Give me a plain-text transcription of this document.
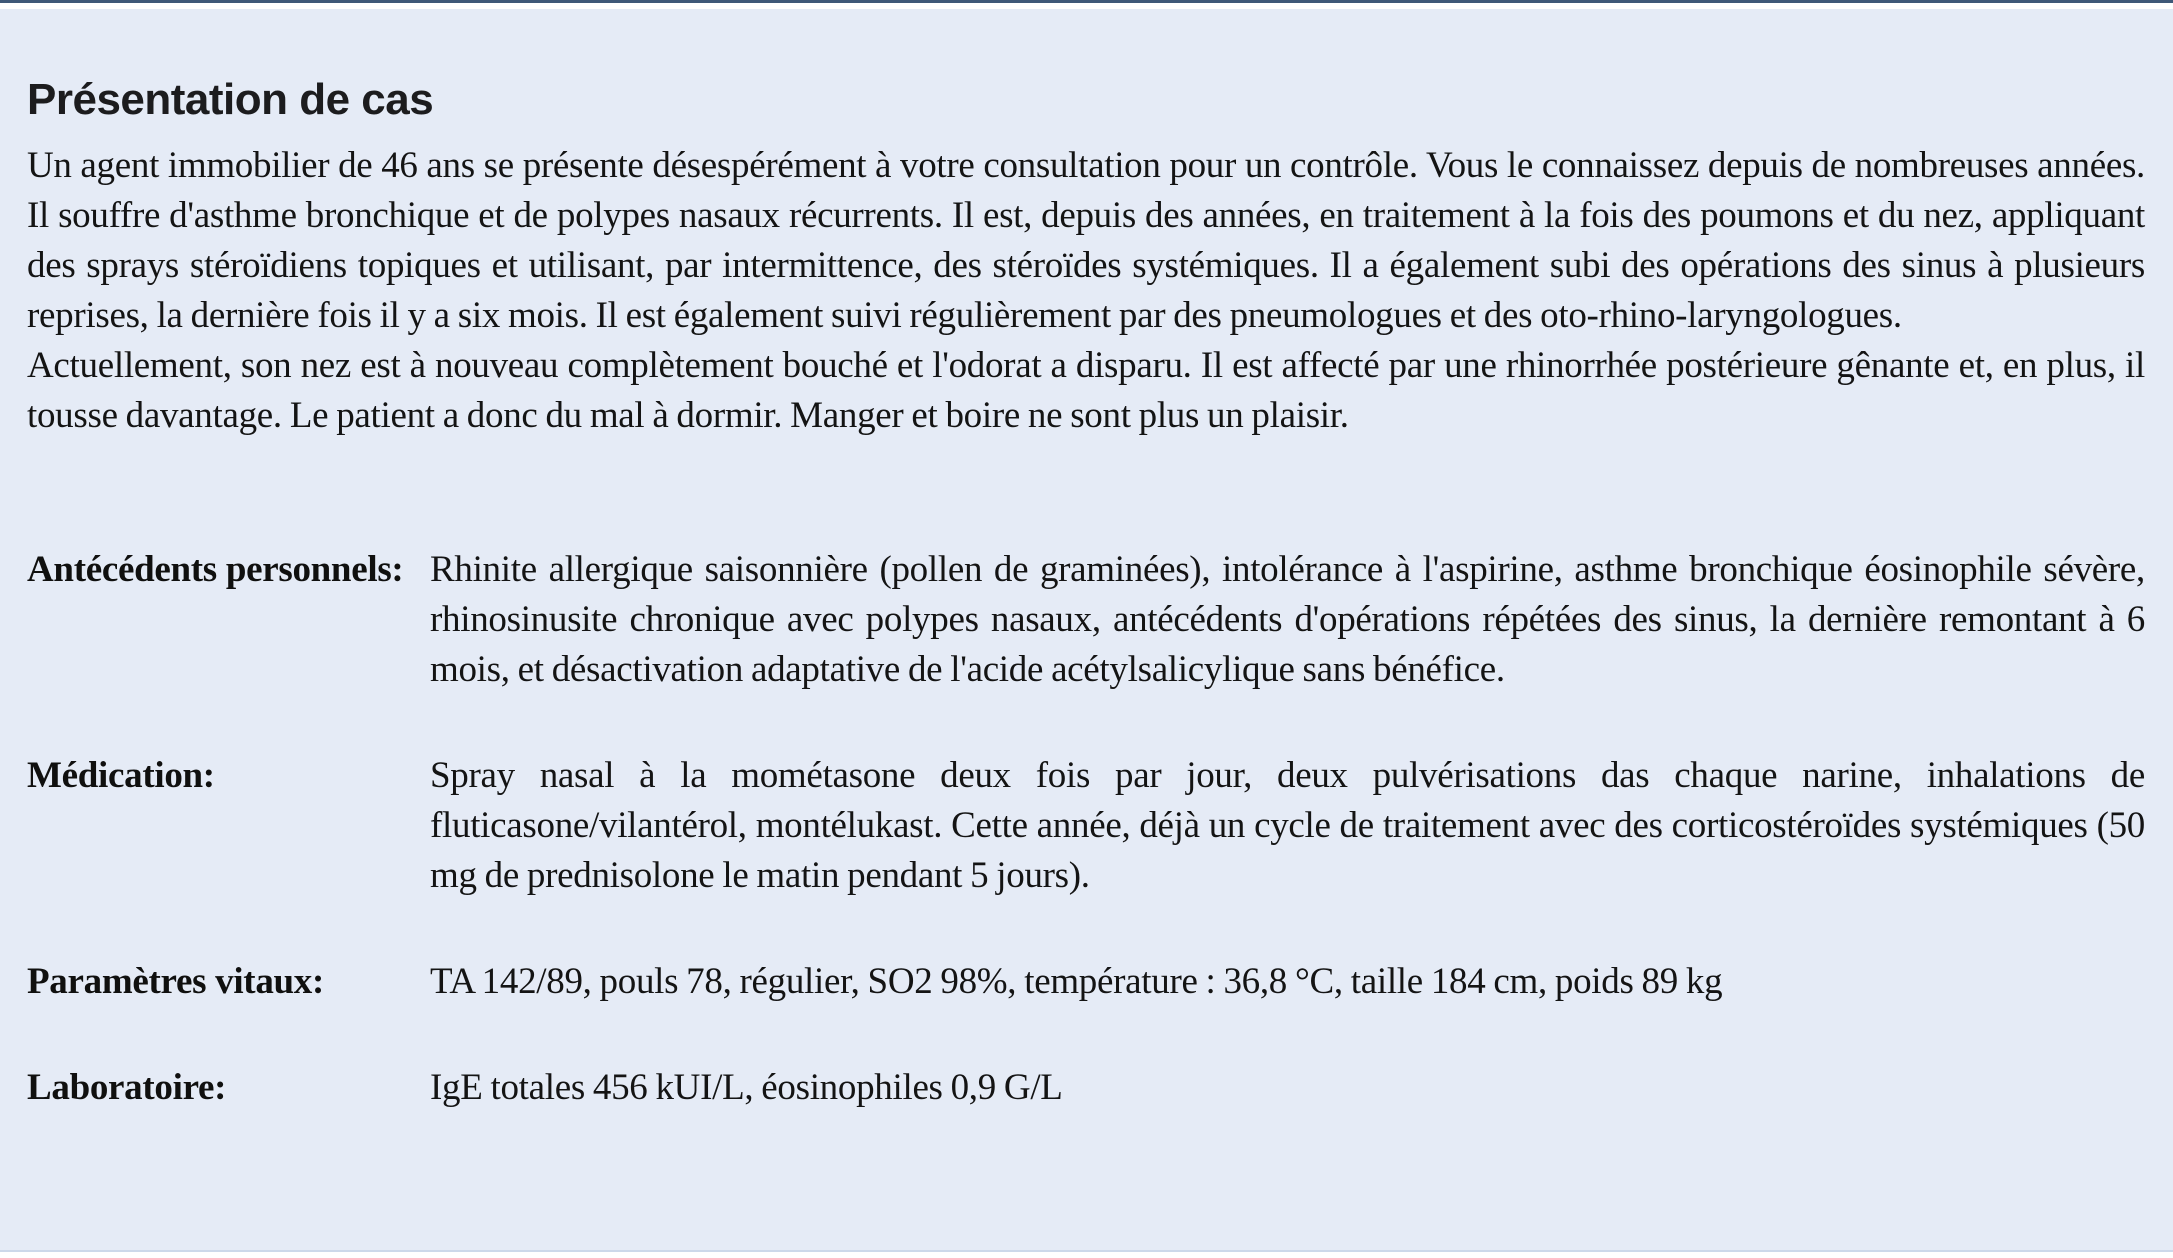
Présentation de cas

Un agent immobilier de 46 ans se présente désespérément à votre consultation pour un contrôle. Vous le connaissez depuis de nombreuses années. Il souffre d'asthme bronchique et de polypes nasaux récurrents. Il est, depuis des années, en traitement à la fois des poumons et du nez, appliquant des sprays stéroïdiens topiques et utilisant, par intermittence, des stéroïdes systémiques. Il a également subi des opérations des sinus à plusieurs reprises, la dernière fois il y a six mois. Il est également suivi régulièrement par des pneumologues et des oto-rhino-laryngologues.

Actuellement, son nez est à nouveau complètement bouché et l'odorat a disparu. Il est affecté par une rhinorrhée postérieure gênante et, en plus, il tousse davantage. Le patient a donc du mal à dormir. Manger et boire ne sont plus un plaisir.

Antécédents personnels: Rhinite allergique saisonnière (pollen de graminées), intolérance à l'aspirine, asthme bronchique éosinophile sévère, rhinosinusite chronique avec polypes nasaux, antécédents d'opérations répétées des sinus, la dernière remontant à 6 mois, et désactivation adaptative de l'acide acétylsalicylique sans bénéfice.
Médication:	Spray nasal à la mométasone deux fois par jour, deux pulvérisations das chaque narine, inhalations de fluticasone/vilantérol, montélukast. Cette année, déjà un cycle de traitement avec des corticostéroïdes systémiques (50 mg de prednisolone le matin pendant 5 jours).
Paramètres vitaux:	TA 142/89, pouls 78, régulier, SO2 98%, température : 36,8 °C, taille 184 cm, poids 89 kg
Laboratoire:	IgE totales 456 kUI/L, éosinophiles 0,9 G/L
